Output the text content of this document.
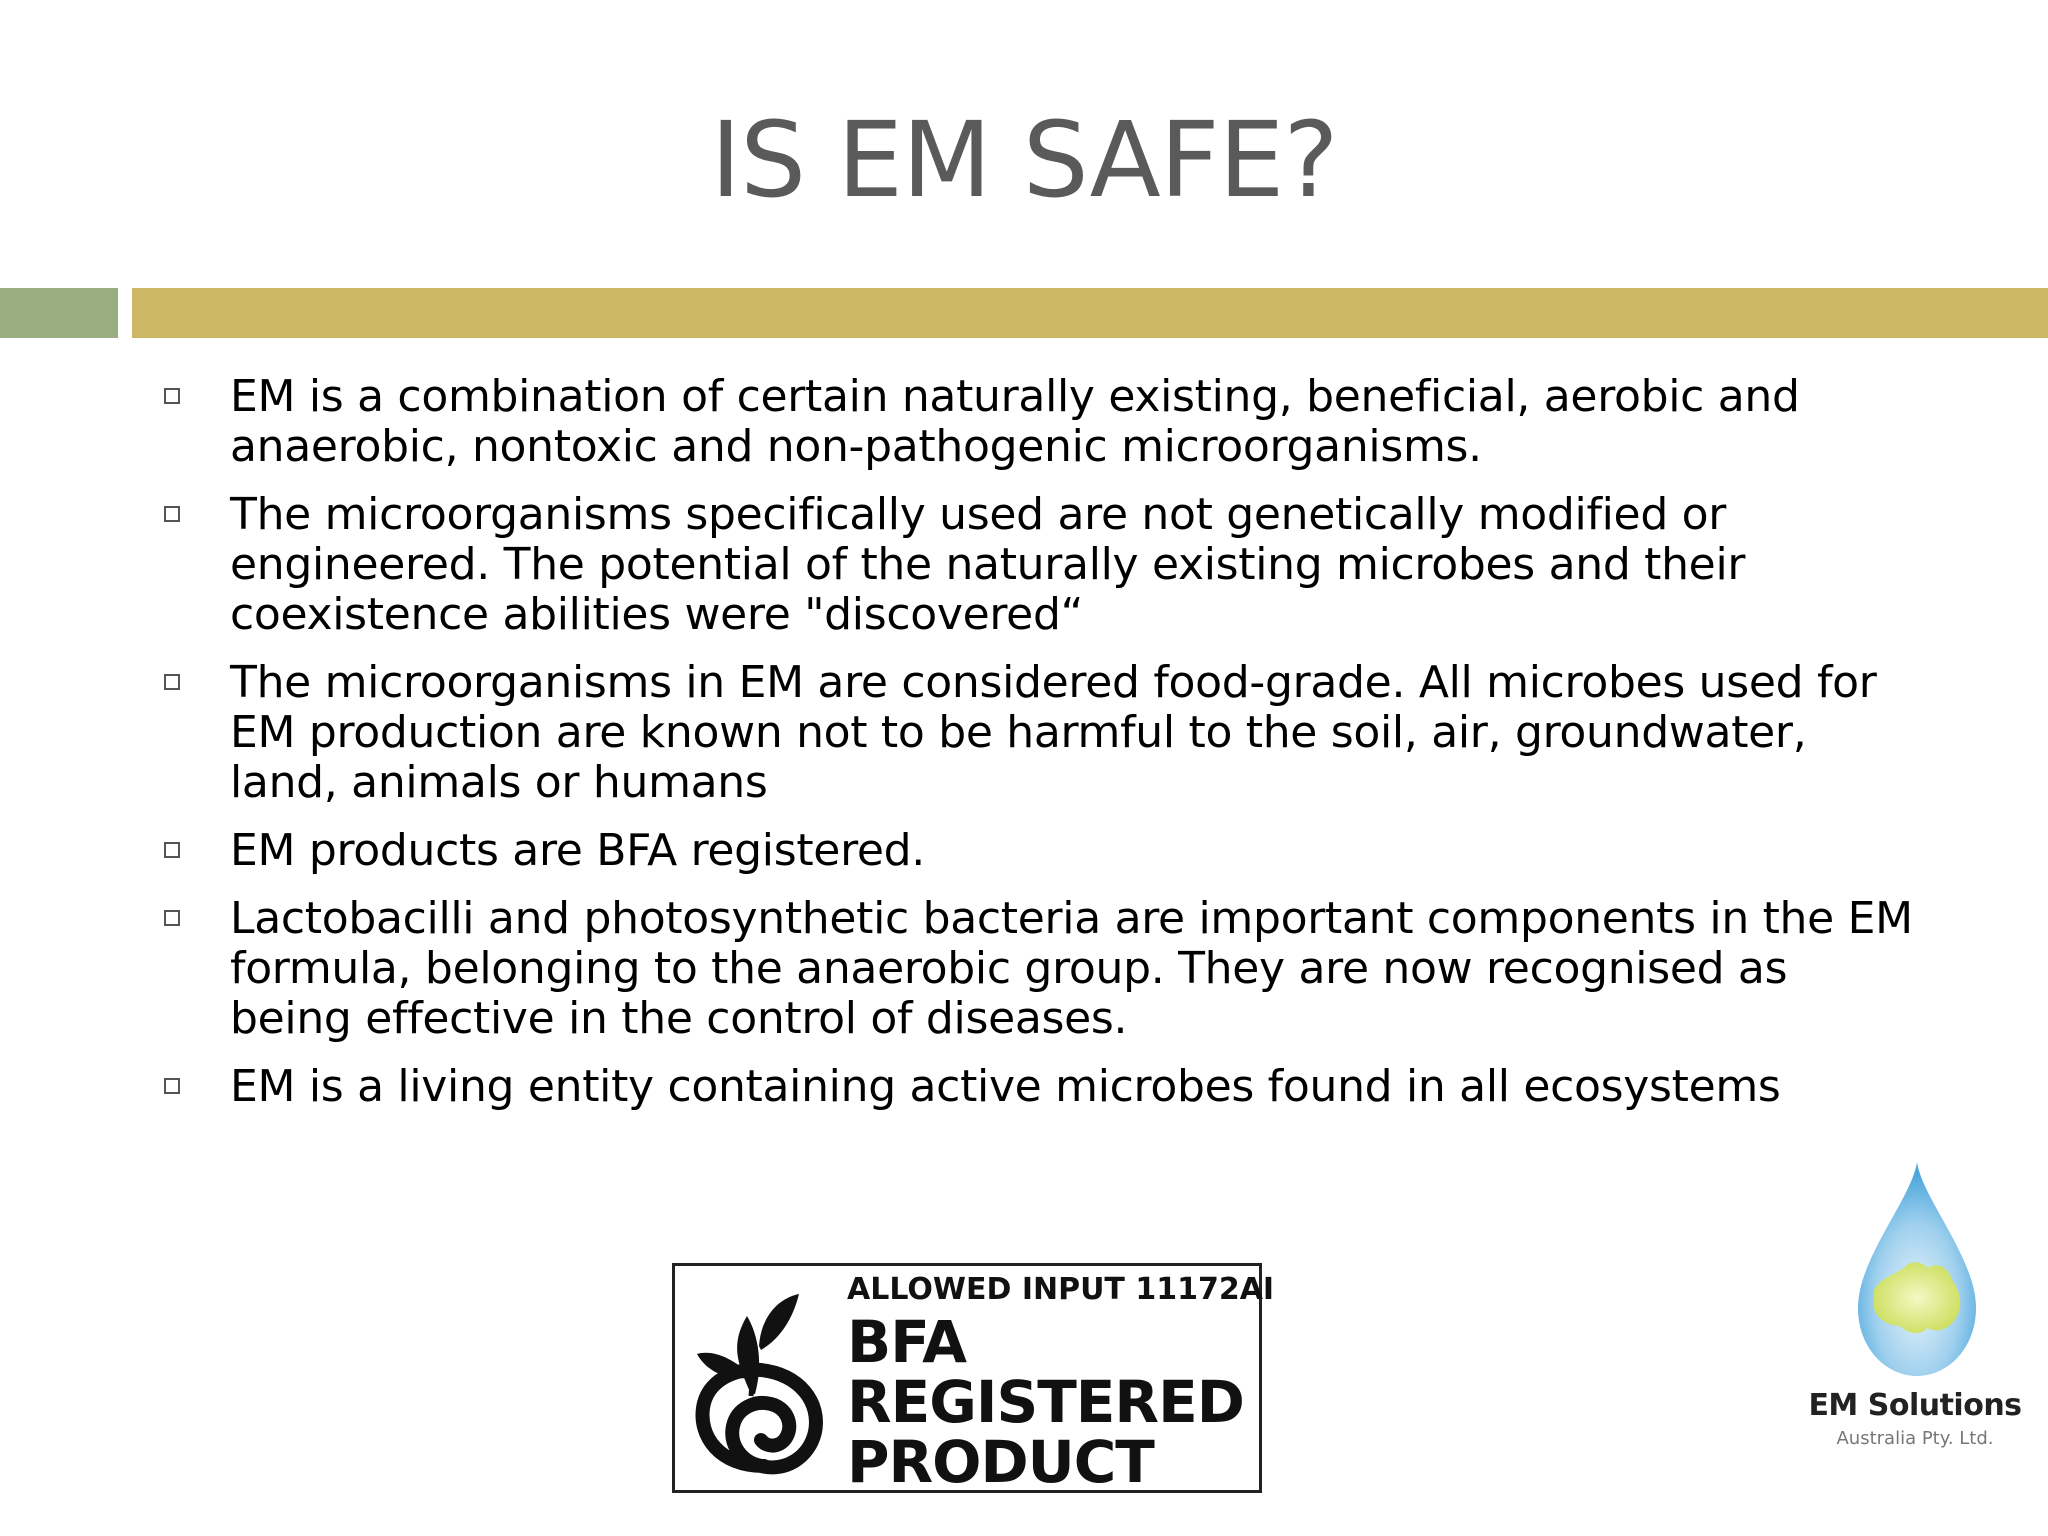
IS EM SAFE?
EM is a combination of certain naturally existing, beneficial, aerobic and anaerobic, nontoxic and non-pathogenic microorganisms.
The microorganisms specifically used are not genetically modified or engineered. The potential of the naturally existing microbes and their coexistence abilities were "discovered“
The microorganisms in EM are considered food-grade. All microbes used for EM production are known not to be harmful to the soil, air, groundwater, land, animals or humans
EM products are BFA registered.
Lactobacilli and photosynthetic bacteria are important components in the EM formula, belonging to the anaerobic group. They are now recognised as being effective in the control of diseases.
EM is a living entity containing active microbes found in all ecosystems
ALLOWED INPUT 11172AI
BFA
REGISTERED
PRODUCT
EM Solutions
Australia Pty. Ltd.
